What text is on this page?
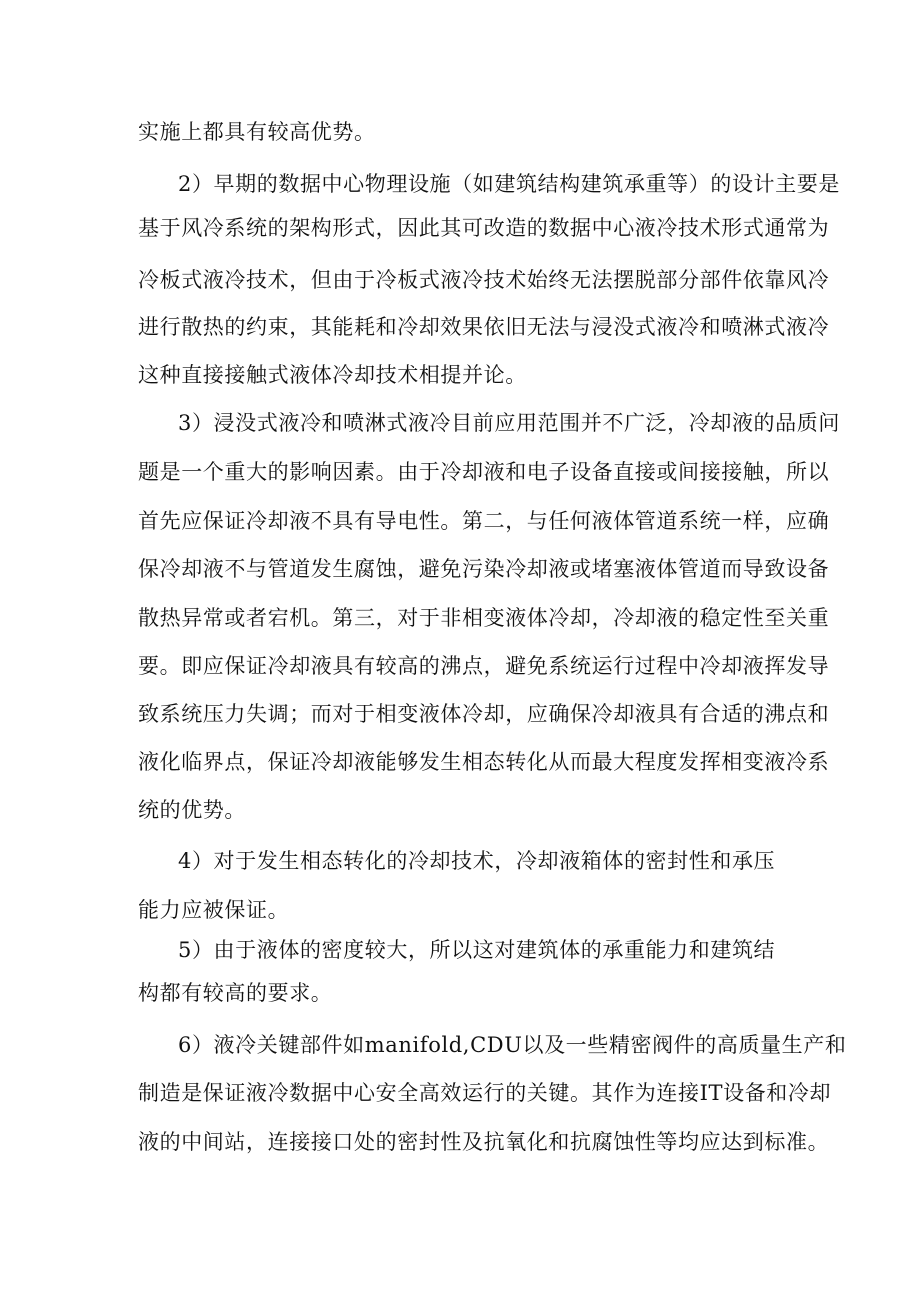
实施上都具有较高优势。
2）早期的数据中心物理设施（如建筑结构建筑承重等）的设计主要是
基于风冷系统的架构形式，因此其可改造的数据中心液冷技术形式通常为
冷板式液冷技术，但由于冷板式液冷技术始终无法摆脱部分部件依靠风冷
进行散热的约束，其能耗和冷却效果依旧无法与浸没式液冷和喷淋式液冷
这种直接接触式液体冷却技术相提并论。
3）浸没式液冷和喷淋式液冷目前应用范围并不广泛，冷却液的品质问
题是一个重大的影响因素。由于冷却液和电子设备直接或间接接触，所以
首先应保证冷却液不具有导电性。第二，与任何液体管道系统一样，应确
保冷却液不与管道发生腐蚀，避免污染冷却液或堵塞液体管道而导致设备
散热异常或者宕机。第三，对于非相变液体冷却，冷却液的稳定性至关重
要。即应保证冷却液具有较高的沸点，避免系统运行过程中冷却液挥发导
致系统压力失调；而对于相变液体冷却，应确保冷却液具有合适的沸点和
液化临界点，保证冷却液能够发生相态转化从而最大程度发挥相变液冷系
统的优势。
4）对于发生相态转化的冷却技术，冷却液箱体的密封性和承压
能力应被保证。
5）由于液体的密度较大，所以这对建筑体的承重能力和建筑结
构都有较高的要求。
6）液冷关键部件如manifold,CDU以及一些精密阀件的高质量生产和
制造是保证液冷数据中心安全高效运行的关键。其作为连接IT设备和冷却
液的中间站，连接接口处的密封性及抗氧化和抗腐蚀性等均应达到标准。
